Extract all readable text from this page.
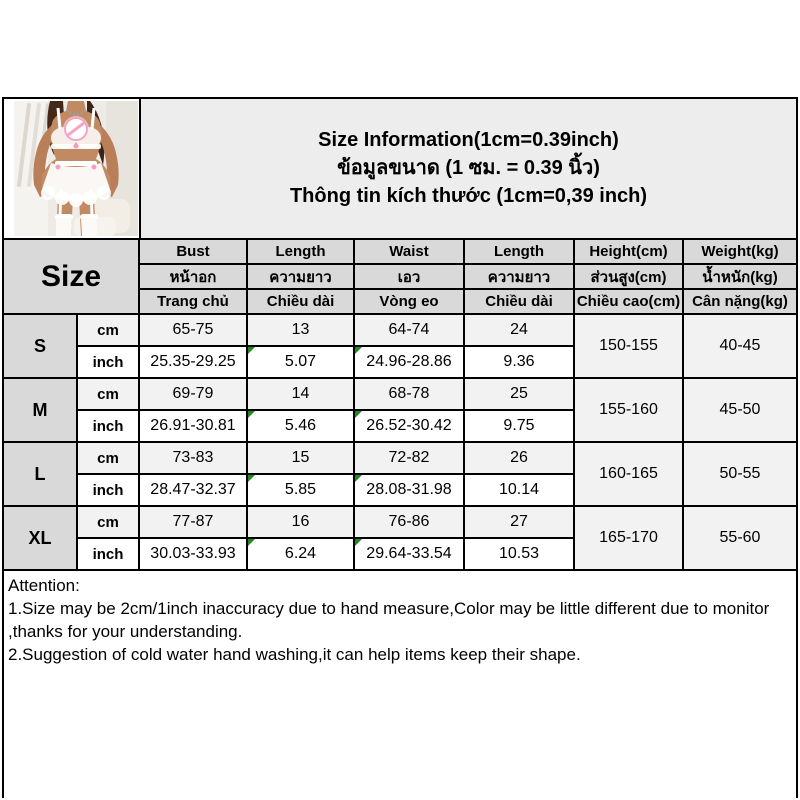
Size Information(1cm=0.39inch)
ข้อมูลขนาด (1 ซม. = 0.39 นิ้ว)
Thông tin kích thước (1cm=0,39 inch)
Size
Bust	Length	Waist	Length	Height(cm)	Weight(kg)
หน้าอก	ความยาว	เอว	ความยาว	ส่วนสูง(cm)	น้ำหนัก(kg)
Trang chủ	Chiều dài	Vòng eo	Chiều dài	Chiều cao(cm) Cân nặng(kg)
S
cm	65-75	13	64-74	24
inch	25.35-29.25	5.07	24.96-28.86	9.36
150-155	40-45
M
cm	69-79	14	68-78	25
inch	26.91-30.81	5.46	26.52-30.42	9.75
155-160	45-50
L
cm	73-83	15	72-82	26
inch	28.47-32.37	5.85	28.08-31.98	10.14
160-165	50-55
XL
cm	77-87	16	76-86	27
inch	30.03-33.93	6.24	29.64-33.54	10.53
165-170	55-60

Attention:

1.Size may be 2cm/1inch inaccuracy due to hand measure,Color may be little different due to monitor ,thanks for your understanding.

2.Suggestion of cold water hand washing,it can help items keep their shape.
